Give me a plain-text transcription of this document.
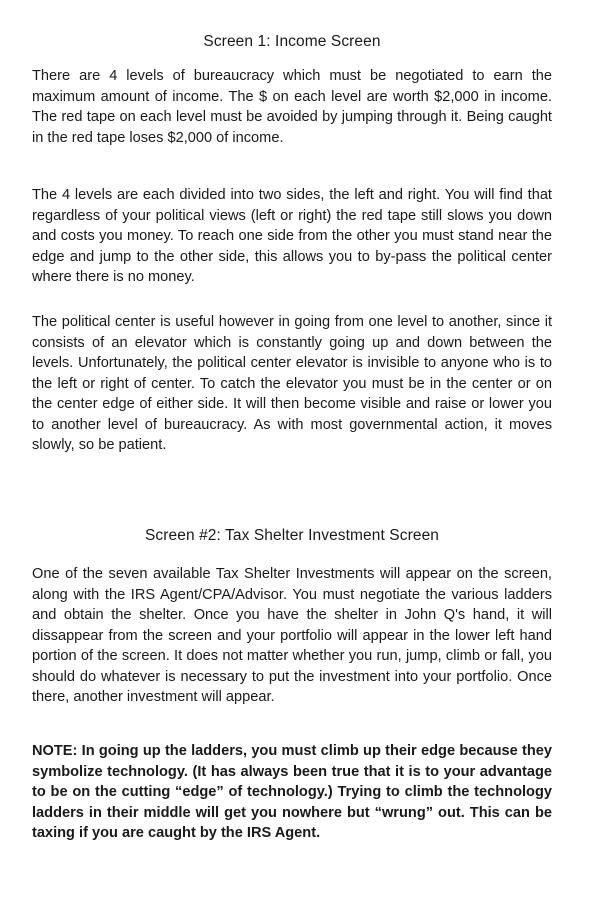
Screen 1: Income Screen

There are 4 levels of bureaucracy which must be negotiated to earn the maximum amount of income. The $ on each level are worth $2,000 in income. The red tape on each level must be avoided by jumping through it. Being caught in the red tape loses $2,000 of income.

The 4 levels are each divided into two sides, the left and right. You will find that regardless of your political views (left or right) the red tape still slows you down and costs you money. To reach one side from the other you must stand near the edge and jump to the other side, this allows you to by-pass the political center where there is no money.

The political center is useful however in going from one level to another, since it consists of an elevator which is constantly going up and down between the levels. Unfortunately, the political center elevator is invisible to anyone who is to the left or right of center. To catch the elevator you must be in the center or on the center edge of either side. It will then become visible and raise or lower you to another level of bureaucracy. As with most governmental action, it moves slowly, so be patient.

Screen #2: Tax Shelter Investment Screen

One of the seven available Tax Shelter Investments will appear on the screen, along with the IRS Agent/CPA/Advisor. You must negotiate the various ladders and obtain the shelter. Once you have the shelter in John Q's hand, it will dissappear from the screen and your portfolio will appear in the lower left hand portion of the screen. It does not matter whether you run, jump, climb or fall, you should do whatever is necessary to put the investment into your portfolio. Once there, another investment will appear.

NOTE: In going up the ladders, you must climb up their edge because they symbolize technology. (It has always been true that it is to your advantage to be on the cutting “edge” of technology.) Trying to climb the technology ladders in their middle will get you nowhere but “wrung” out. This can be taxing if you are caught by the IRS Agent.
